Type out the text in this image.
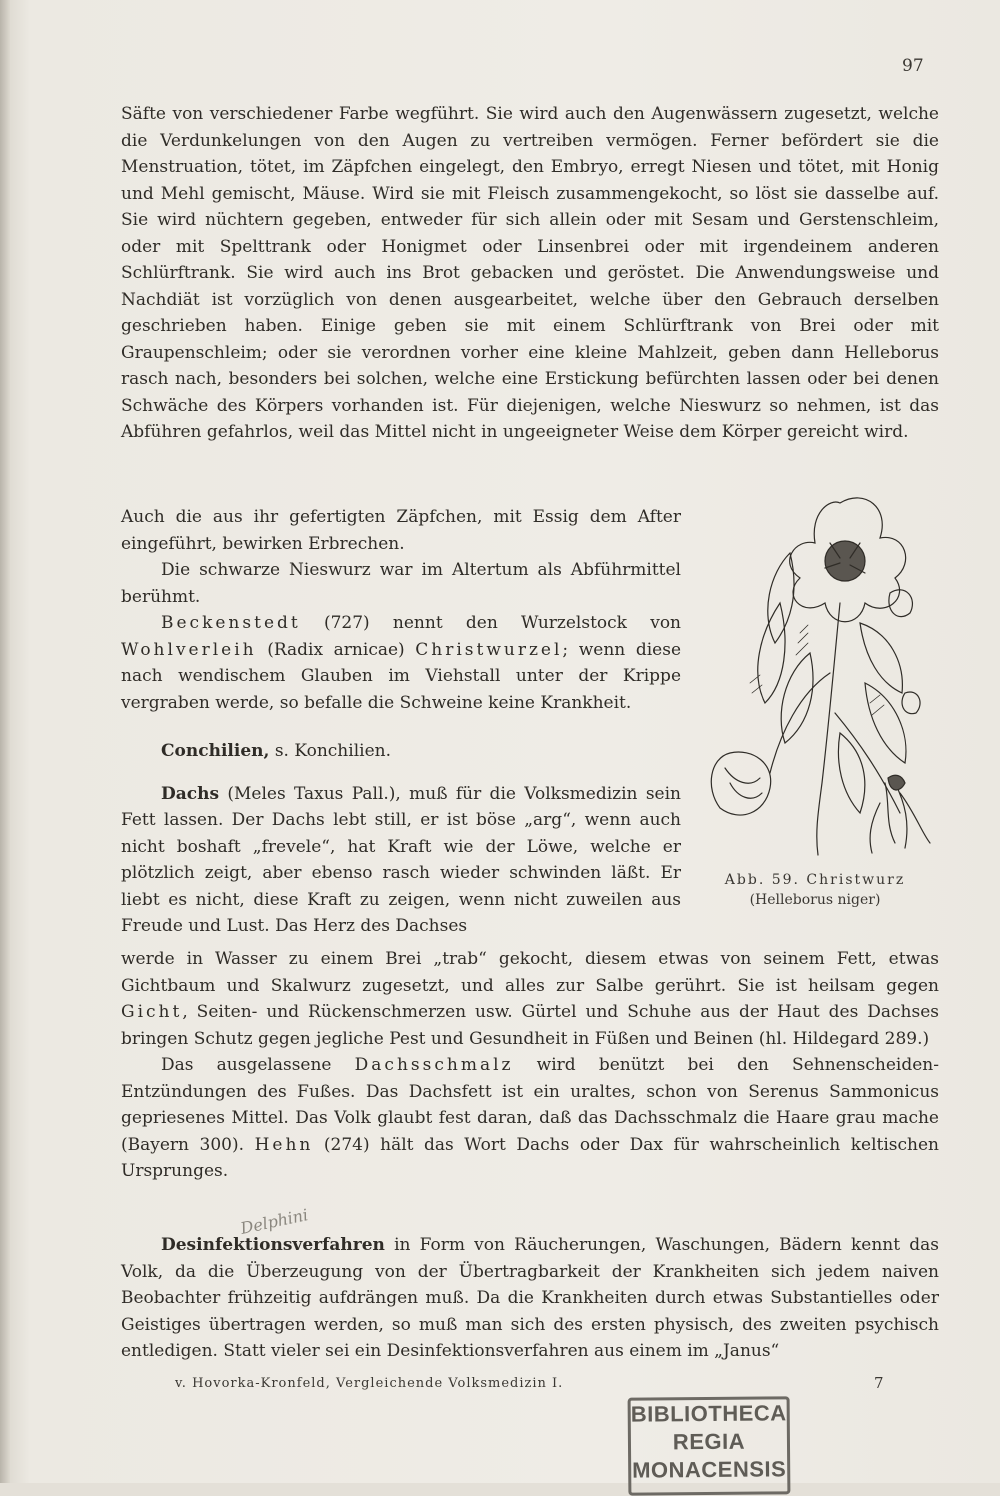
97

Säfte von verschiedener Farbe wegführt. Sie wird auch den Augenwässern zugesetzt, welche die Verdunkelungen von den Augen zu vertreiben vermögen. Ferner befördert sie die Menstruation, tötet, im Zäpfchen eingelegt, den Embryo, erregt Niesen und tötet, mit Honig und Mehl gemischt, Mäuse. Wird sie mit Fleisch zusammengekocht, so löst sie dasselbe auf. Sie wird nüchtern gegeben, entweder für sich allein oder mit Sesam und Gerstenschleim, oder mit Spelttrank oder Honigmet oder Linsenbrei oder mit irgendeinem anderen Schlürftrank. Sie wird auch ins Brot gebacken und geröstet. Die Anwendungsweise und Nachdiät ist vorzüglich von denen ausgearbeitet, welche über den Gebrauch derselben geschrieben haben. Einige geben sie mit einem Schlürftrank von Brei oder mit Graupenschleim; oder sie verordnen vorher eine kleine Mahlzeit, geben dann Helleborus rasch nach, besonders bei solchen, welche eine Erstickung befürchten lassen oder bei denen Schwäche des Körpers vorhanden ist. Für diejenigen, welche Nieswurz so nehmen, ist das Abführen gefahrlos, weil das Mittel nicht in ungeeigneter Weise dem Körper gereicht wird.

Auch die aus ihr gefertigten Zäpfchen, mit Essig dem After eingeführt, bewirken Erbrechen.

Die schwarze Nieswurz war im Altertum als Abführmittel berühmt.

Beckenstedt (727) nennt den Wurzelstock von Wohlverleih (Radix arnicae) Christwurzel; wenn diese nach wendischem Glauben im Viehstall unter der Krippe vergraben werde, so befalle die Schweine keine Krankheit.

Conchilien, s. Konchilien.

Dachs (Meles Taxus Pall.), muß für die Volksmedizin sein Fett lassen. Der Dachs lebt still, er ist böse „arg“, wenn auch nicht boshaft „frevele“, hat Kraft wie der Löwe, welche er plötzlich zeigt, aber ebenso rasch wieder schwinden läßt. Er liebt es nicht, diese Kraft zu zeigen, wenn nicht zuweilen aus Freude und Lust. Das Herz des Dachses

werde in Wasser zu einem Brei „trab“ gekocht, diesem etwas von seinem Fett, etwas Gichtbaum und Skalwurz zugesetzt, und alles zur Salbe gerührt. Sie ist heilsam gegen Gicht, Seiten- und Rückenschmerzen usw. Gürtel und Schuhe aus der Haut des Dachses bringen Schutz gegen jegliche Pest und Gesundheit in Füßen und Beinen (hl. Hildegard 289.)

Das ausgelassene Dachsschmalz wird benützt bei den Sehnenscheiden-Entzündungen des Fußes. Das Dachsfett ist ein uraltes, schon von Serenus Sammonicus gepriesenes Mittel. Das Volk glaubt fest daran, daß das Dachsschmalz die Haare grau mache (Bayern 300). Hehn (274) hält das Wort Dachs oder Dax für wahrscheinlich keltischen Ursprunges.

Desinfektionsverfahren in Form von Räucherungen, Waschungen, Bädern kennt das Volk, da die Überzeugung von der Übertragbarkeit der Krankheiten sich jedem naiven Beobachter frühzeitig aufdrängen muß. Da die Krankheiten durch etwas Substantielles oder Geistiges übertragen werden, so muß man sich des ersten physisch, des zweiten psychisch entledigen. Statt vieler sei ein Desinfektionsverfahren aus einem im „Janus“

Abb. 59. Christwurz
(Helleborus niger)
Delphini
v. Hovorka-Kronfeld, Vergleichende Volksmedizin I.	7
BIBLIOTHECA
REGIA
MONACENSIS
